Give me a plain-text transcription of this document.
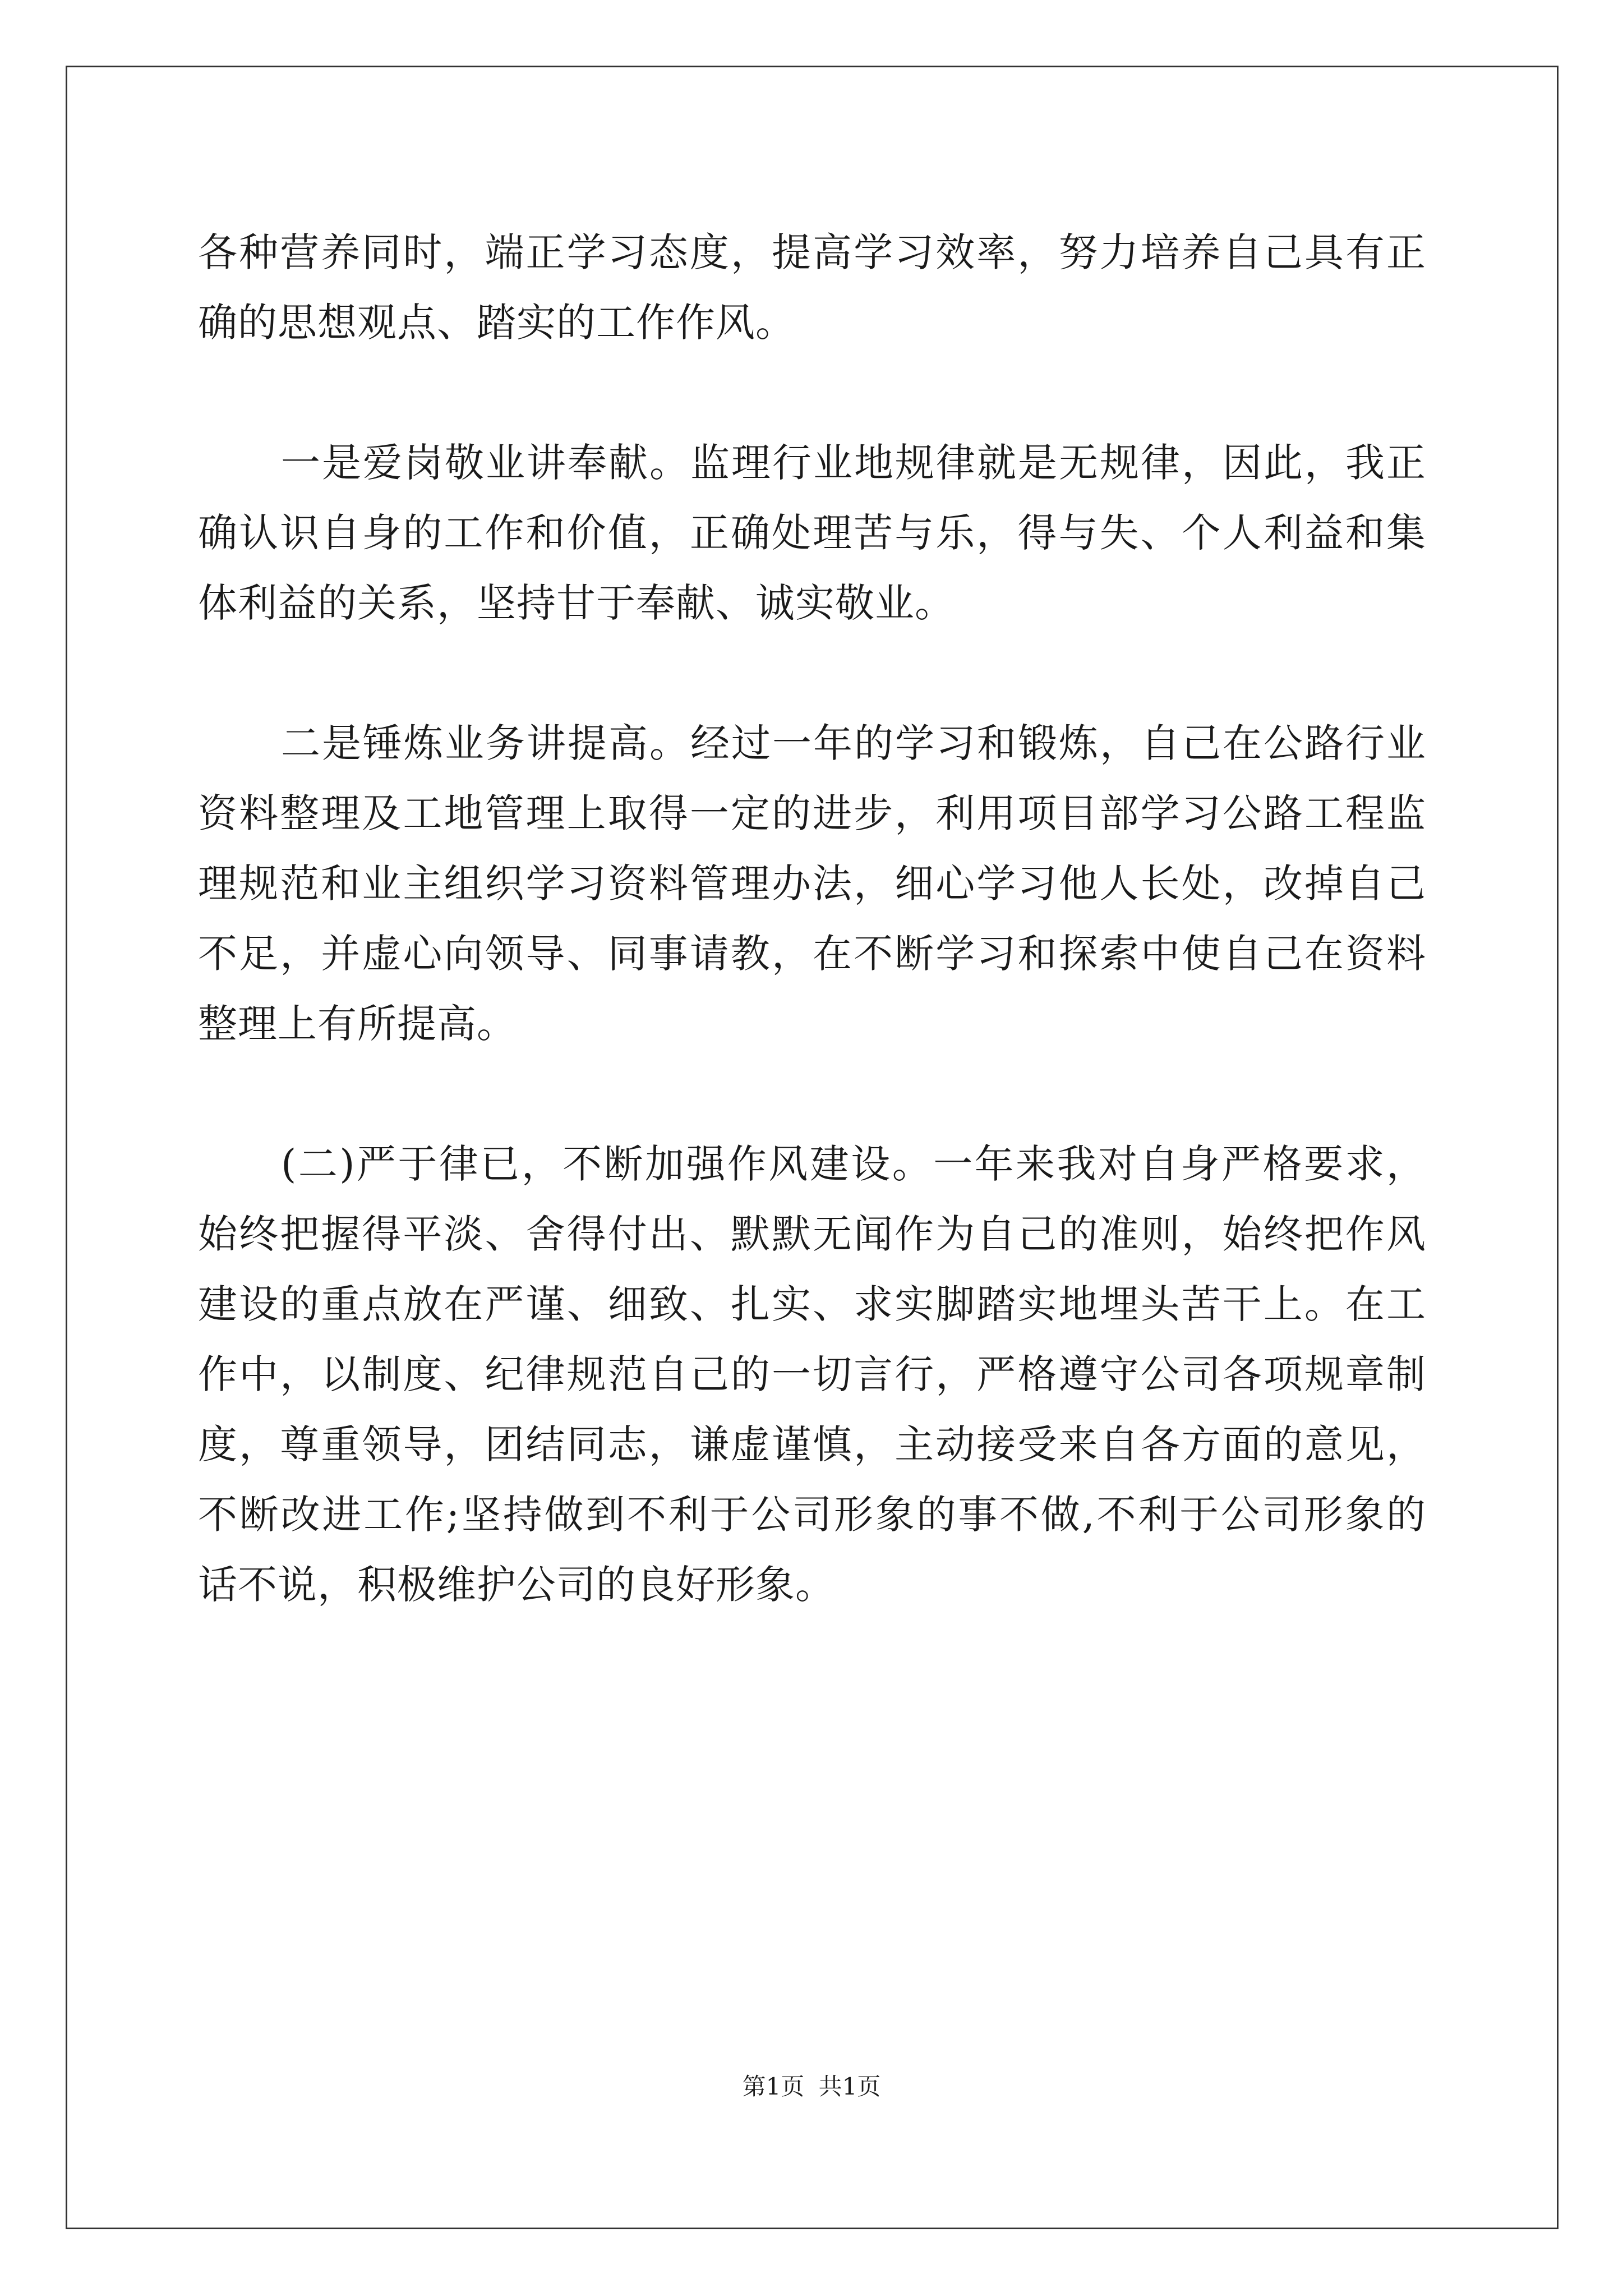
各种营养同时，端正学习态度，提高学习效率，努力培养自己具有正
确的思想观点、踏实的工作作风。
一是爱岗敬业讲奉献。监理行业地规律就是无规律，因此，我正
确认识自身的工作和价值，正确处理苦与乐，得与失、个人利益和集
体利益的关系，坚持甘于奉献、诚实敬业。
二是锤炼业务讲提高。经过一年的学习和锻炼，自己在公路行业
资料整理及工地管理上取得一定的进步，利用项目部学习公路工程监
理规范和业主组织学习资料管理办法，细心学习他人长处，改掉自己
不足，并虚心向领导、同事请教，在不断学习和探索中使自己在资料
整理上有所提高。
(二)严于律已，不断加强作风建设。一年来我对自身严格要求，
始终把握得平淡、舍得付出、默默无闻作为自己的准则，始终把作风
建设的重点放在严谨、细致、扎实、求实脚踏实地埋头苦干上。在工
作中，以制度、纪律规范自己的一切言行，严格遵守公司各项规章制
度，尊重领导，团结同志，谦虚谨慎，主动接受来自各方面的意见，
不断改进工作;坚持做到不利于公司形象的事不做,不利于公司形象的
话不说，积极维护公司的良好形象。
第1页 共1页
